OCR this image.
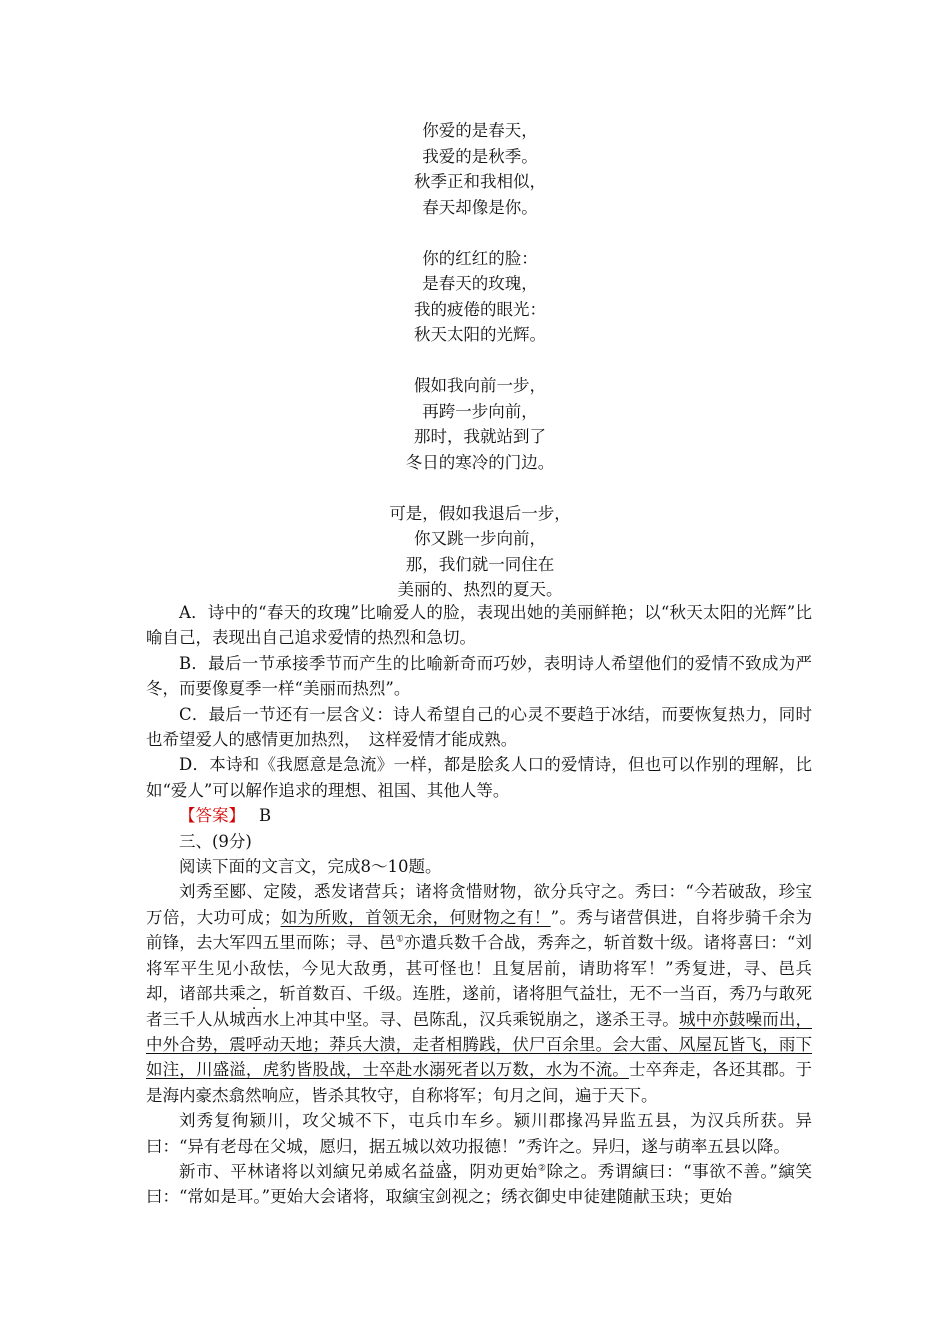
你爱的是春天，
我爱的是秋季。
秋季正和我相似，
春天却像是你。
你的红红的脸：
是春天的玫瑰，
我的疲倦的眼光：
秋天太阳的光辉。
假如我向前一步，
再跨一步向前，
那时，我就站到了
冬日的寒冷的门边。
可是，假如我退后一步，
你又跳一步向前，
那，我们就一同住在
美丽的、热烈的夏天。

A．诗中的“春天的玫瑰”比喻爱人的脸，表现出她的美丽鲜艳；以“秋天太阳的光辉”比喻自己，表现出自己追求爱情的热烈和急切。

B．最后一节承接季节而产生的比喻新奇而巧妙，表明诗人希望他们的爱情不致成为严冬，而要像夏季一样“美丽而热烈”。

C．最后一节还有一层含义：诗人希望自己的心灵不要趋于冰结，而要恢复热力，同时也希望爱人的感情更加热烈，　这样爱情才能成熟。

D．本诗和《我愿意是急流》一样，都是脍炙人口的爱情诗，但也可以作别的理解，比如“爱人”可以解作追求的理想、祖国、其他人等。

【答案】 B

三、(9分)

阅读下面的文言文，完成8～10题。

刘秀至郾、定陵，悉发诸营兵；诸将贪惜财物，欲分兵守之。秀曰：“今若破敌，珍宝万倍，大功可成；如为所败，首领无余，何财物之有！”。秀与诸营俱进，自将步骑千余为前锋，去大军四五里而陈；寻、邑①亦遣兵数千合战，秀奔之，斩首数十级。诸将喜曰：“刘将军平生见小敌怯，今见大敌勇，甚可怪也！且复居前，请助将军！”秀复进，寻、邑兵却，诸部共乘之，斩首数百、千级。连胜，遂前，诸将胆气益壮，无不一当百，秀乃与敢死者三千人从城西水上冲其中坚。寻、邑陈乱，汉兵乘锐崩之，遂杀王寻。城中亦鼓噪而出，中外合势，震呼动天地；莽兵大溃，走者相腾践，伏尸百余里。会大雷、风屋瓦皆飞，雨下如注，川盛溢，虎豹皆股战，士卒赴水溺死者以万数，水为不流。士卒奔走，各还其郡。于是海内豪杰翕然响应，皆杀其牧守，自称将军；旬月之间，遍于天下。

刘秀复徇颍川，攻父城不下，屯兵巾车乡。颍川郡掾冯异监五县，为汉兵所获。异曰：“异有老母在父城，愿归，据五城以效功报德！”秀许之。异归，遂与萌率五县以降。

新市、平林诸将以刘縯兄弟威名益盛，阴劝更始②除之。秀谓縯曰：“事欲不善。”縯笑曰：“常如是耳。”更始大会诸将，取縯宝剑视之；绣衣御史申徒建随献玉玦；更始
